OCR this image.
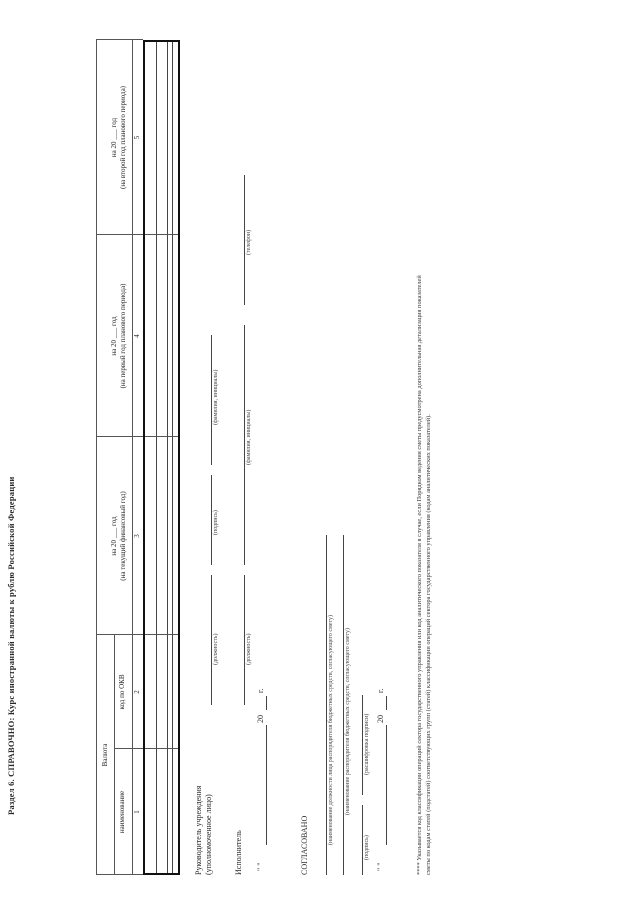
Раздел 6. СПРАВОЧНО: Курс иностранной валюты к рублю Российской Федерации	Валюта
наименование
код по ОКВ
на 20 ___ год (на текущий финансовый год)
на 20 ___ год (на первый год планового периода)
на 20 ___ год (на второй год планового периода)
1
2
3
4
5
Руководитель учреждения (уполномоченное лицо)
(должность)
(подпись)
(фамилия, инициалы)
Исполнитель
(должность)
(фамилия, инициалы)
(телефон)
" "
20
г.
СОГЛАСОВАНО
(наименование должности лица распорядителя бюджетных средств, согласующего смету) (наименование распорядителя бюджетных средств, согласующего смету)
(подпись)
(расшифровка подписи)
" "
20
г.	**** Указывается код классификации операций сектора государственного управления или код аналитического показателя в случае, если Порядком ведения сметы предусмотрена дополнительная детализация показателей сметы по кодам статей (подстатей) соответствующих групп (статей) классификации операций сектора государственного управления (кодам аналитических показателей).
